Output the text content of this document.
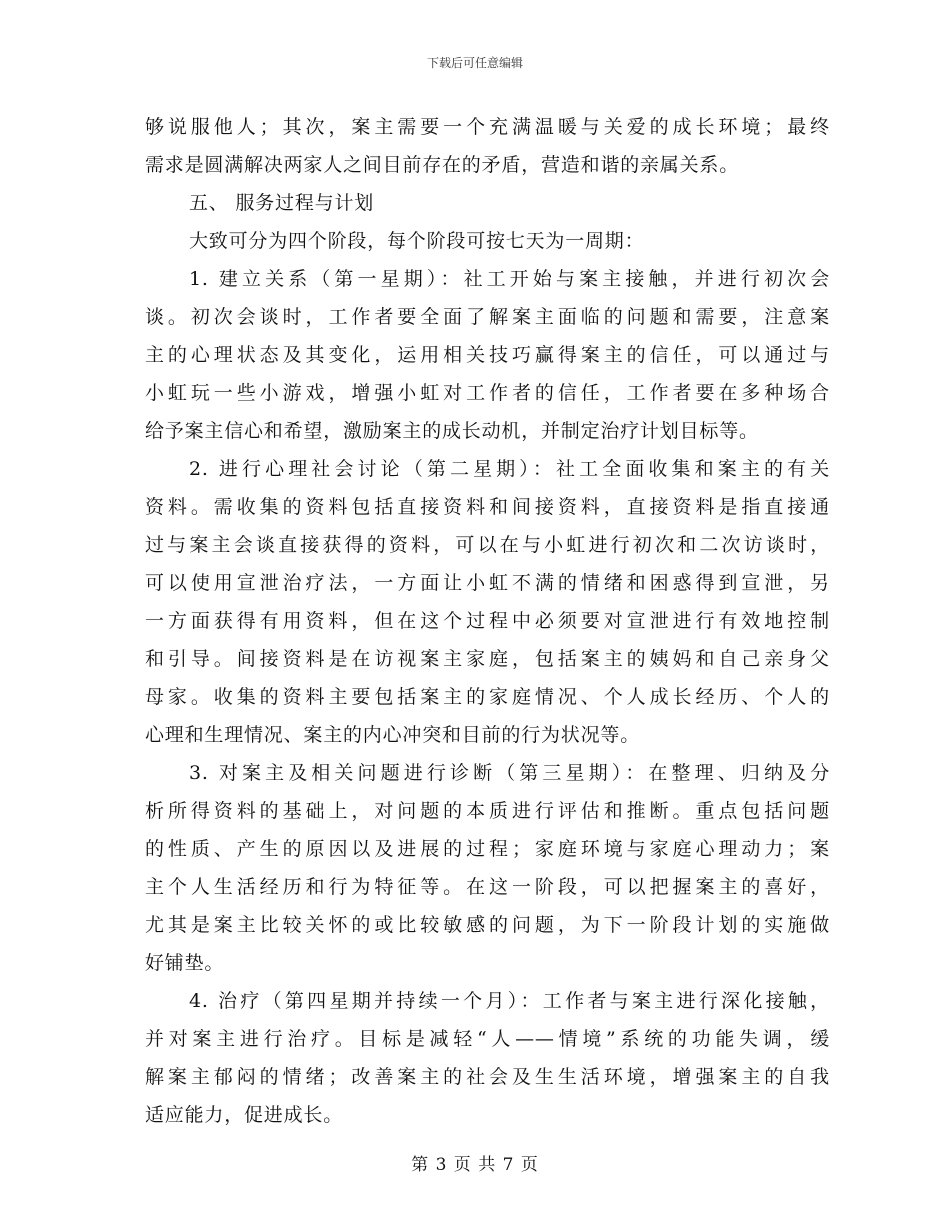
下载后可任意编辑
够说服他人；其次，案主需要一个充满温暖与关爱的成长环境；最终
需求是圆满解决两家人之间目前存在的矛盾，营造和谐的亲属关系。
五、 服务过程与计划
大致可分为四个阶段，每个阶段可按七天为一周期：
1. 建立关系（第一星期）：社工开始与案主接触，并进行初次会
谈。初次会谈时，工作者要全面了解案主面临的问题和需要，注意案
主的心理状态及其变化，运用相关技巧赢得案主的信任，可以通过与
小虹玩一些小游戏，增强小虹对工作者的信任，工作者要在多种场合
给予案主信心和希望，激励案主的成长动机，并制定治疗计划目标等。
2. 进行心理社会讨论（第二星期）：社工全面收集和案主的有关
资料。需收集的资料包括直接资料和间接资料，直接资料是指直接通
过与案主会谈直接获得的资料，可以在与小虹进行初次和二次访谈时，
可以使用宣泄治疗法，一方面让小虹不满的情绪和困惑得到宣泄，另
一方面获得有用资料，但在这个过程中必须要对宣泄进行有效地控制
和引导。间接资料是在访视案主家庭，包括案主的姨妈和自己亲身父
母家。收集的资料主要包括案主的家庭情况、个人成长经历、个人的
心理和生理情况、案主的内心冲突和目前的行为状况等。
3. 对案主及相关问题进行诊断（第三星期）：在整理、归纳及分
析所得资料的基础上，对问题的本质进行评估和推断。重点包括问题
的性质、产生的原因以及进展的过程；家庭环境与家庭心理动力；案
主个人生活经历和行为特征等。在这一阶段，可以把握案主的喜好，
尤其是案主比较关怀的或比较敏感的问题，为下一阶段计划的实施做
好铺垫。
4. 治疗（第四星期并持续一个月）：工作者与案主进行深化接触，
并对案主进行治疗。目标是减轻“人——情境”系统的功能失调，缓
解案主郁闷的情绪；改善案主的社会及生生活环境，增强案主的自我
适应能力，促进成长。
第 3 页 共 7 页
